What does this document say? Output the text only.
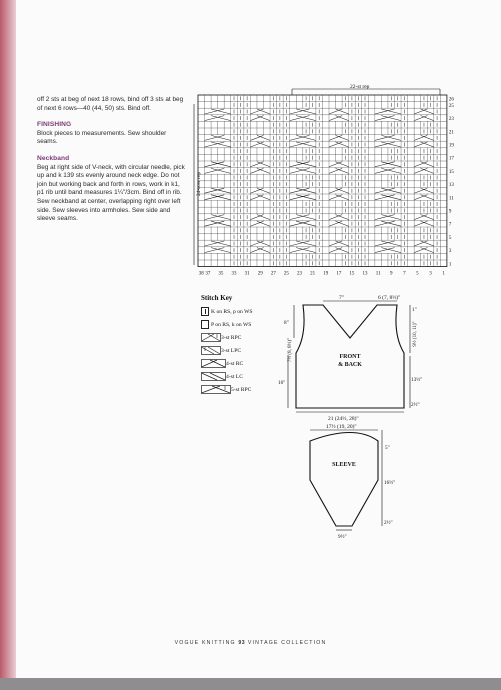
off 2 sts at beg of next 18 rows, bind off 3 sts at beg of next 6 rows—40 (44, 50) sts. Bind off.

FINISHING

Block pieces to measurements. Sew shoulder seams.

Neckband

Beg at right side of V-neck, with circular needle, pick up and k 139 sts evenly around neck edge. Do not join but working back and forth in rows, work in k1, p1 rib until band measures 1¼"/3cm. Bind off in rib. Sew neckband at center, overlapping right over left side. Sew sleeves into armholes. Sew side and sleeve seams.

22-st rep
24-row rep
26
25
23
21
19
17
15
13
11
9
7
5
3
1
38 37 35 33 31 29 27 25 23 21 19 17 15 13 11 9 7 5 3 1
Stitch Key
K on RS, p on WS
P on RS, k on WS
3-st RPC
3-st LPC
4-st RC
4-st LC
5-st RPC
7"	6 (7, 8½)"
8"
7½ (8, 8½)"
16"
1"
9½ (10, 11)"
13½"
2½"
21 (24½, 28)"
FRONT
& BACK
17½ (19, 20)"
5"
16½"
2½"
9½"
SLEEVE
VOGUE KNITTING 93 VINTAGE COLLECTION
